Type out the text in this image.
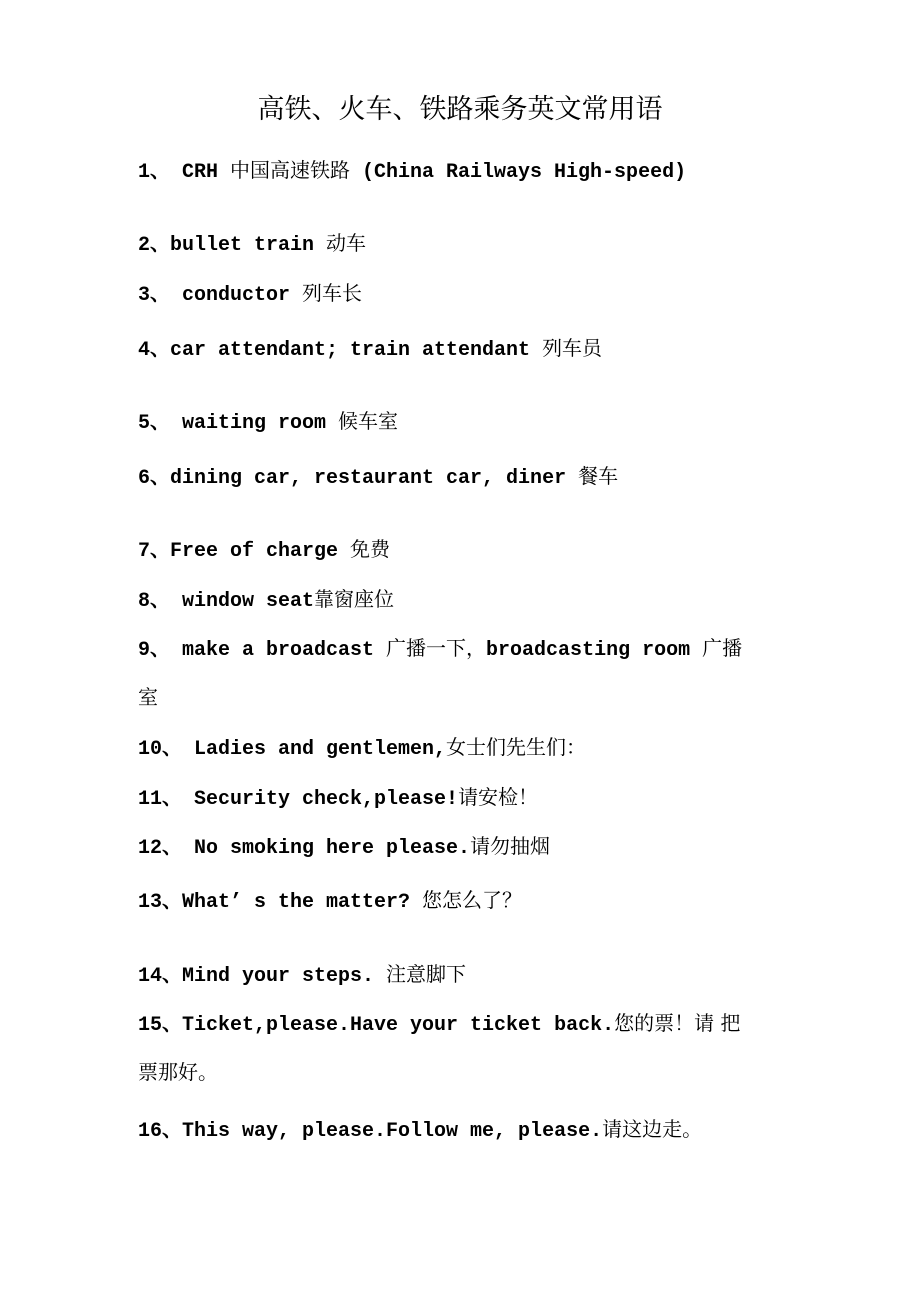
高铁、火车、铁路乘务英文常用语
1、 CRH 中国高速铁路 (China Railways High-speed)
2、bullet train 动车
3、 conductor 列车长
4、car attendant; train attendant 列车员
5、 waiting room 候车室
6、dining car, restaurant car, diner 餐车
7、Free of charge 免费
8、 window seat靠窗座位
9、 make a broadcast 广播一下，broadcasting room 广播
室
10、 Ladies and gentlemen,女士们先生们：
11、 Security check,please!请安检！
12、 No smoking here please.请勿抽烟
13、What’ s the matter? 您怎么了？
14、Mind your steps. 注意脚下
15、Ticket,please.Have your ticket back.您的票！请 把
票那好。
16、This way, please.Follow me, please.请这边走。
